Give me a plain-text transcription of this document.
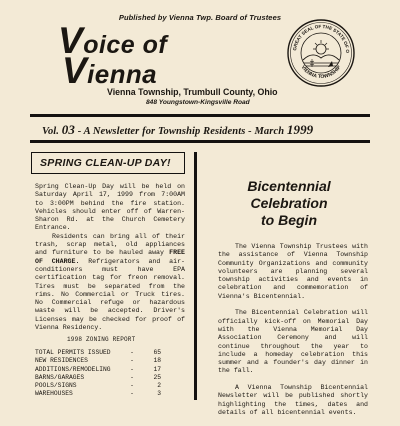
Published by Vienna Twp. Board of Trustees
Voice of
Vienna
Vienna Township, Trumbull County, Ohio
848 Youngstown-Kingsville Road
GREAT SEAL OF THE STATE OF O
VIENNA TOWNSHIP
Vol. 03 - A Newsletter for Township Residents - March 1999
SPRING CLEAN-UP DAY!

Spring Clean-Up Day will be held on Saturday April 17, 1999 from 7:00AM to 3:00PM behind the fire station. Vehicles should enter off of Warren-Sharon Rd. at the Church Cemetery Entrance.

Residents can bring all of their trash, scrap metal, old appliances and furniture to be hauled away FREE OF CHARGE. Refrigerators and air-conditioners must have EPA certification tag for freon removal. Tires must be separated from the rims. No Commercial or Truck tires. No Commercial refuge or hazardous waste will be accepted. Driver's Licenses may be checked for proof of Vienna Residency.

1998 ZONING REPORT
TOTAL PERMITS ISSUED	-	65
NEW RESIDENCES	-	18
ADDITIONS/REMODELING	-	17
BARNS/GARAGES	-	25
POOLS/SIGNS	-	2
WAREHOUSES	-	3
Bicentennial
Celebration
to Begin

The Vienna Township Trustees with the assistance of Vienna Township Community Organizations and community volunteers are planning several township activities and events in celebration and commemoration of Vienna's Bicentennial.

The Bicentennial Celebration will officially kick-off on Memorial Day with the Vienna Memorial Day Association Ceremony and will continue throughout the year to include a homeday celebration this summer and a founder's day dinner in the fall.

A Vienna Township Bicentennial Newsletter will be published shortly highlighting the times, dates and details of all bicentennial events.
